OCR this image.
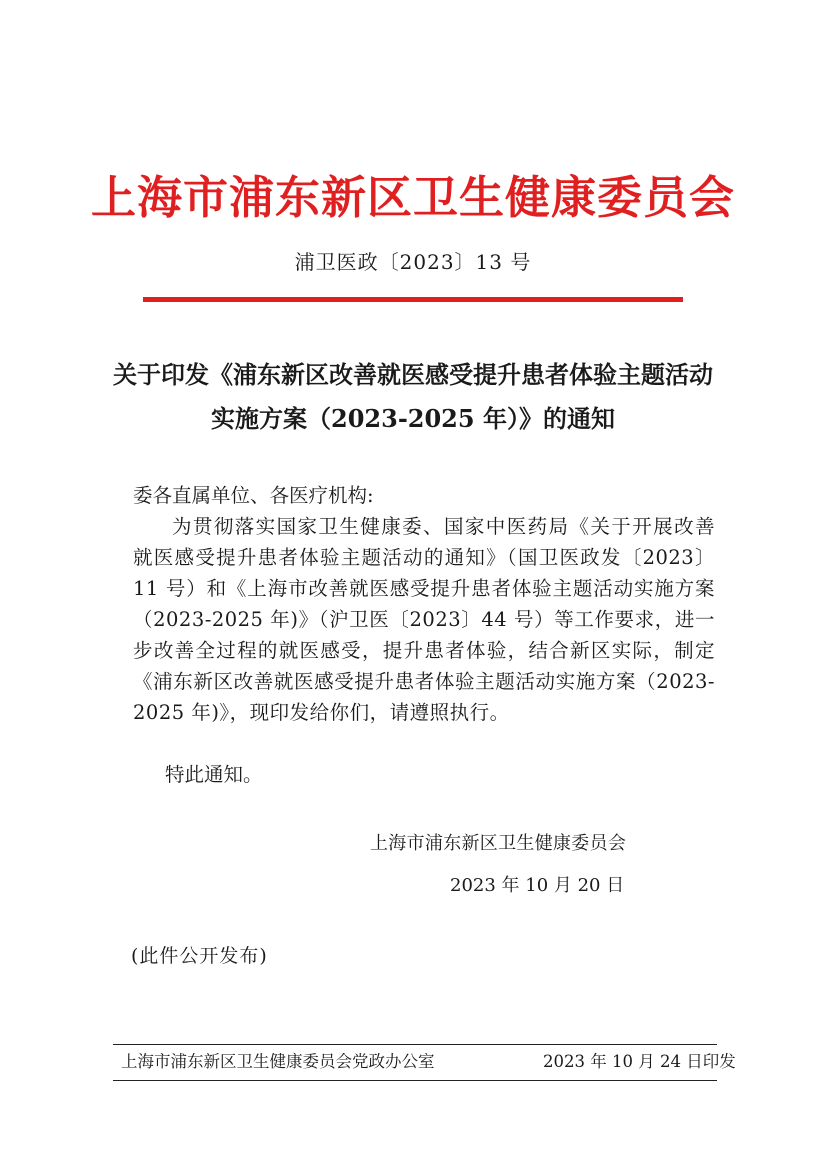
上海市浦东新区卫生健康委员会
浦卫医政〔2023〕13 号
关于印发《浦东新区改善就医感受提升患者体验主题活动
实施方案（2023-2025 年）》的通知
委各直属单位、各医疗机构:
为贯彻落实国家卫生健康委、国家中医药局《关于开展改善 就医感受提升患者体验主题活动的通知》（国卫医政发〔2023〕11 号）和《上海市改善就医感受提升患者体验主题活动实施方案（2023-2025 年)》（沪卫医〔2023〕44 号）等工作要求，进一步改善全过程的就医感受，提升患者体验，结合新区实际，制定《浦东新区改善就医感受提升患者体验主题活动实施方案（2023-2025 年)》，现印发给你们，请遵照执行。
特此通知。
上海市浦东新区卫生健康委员会
2023 年 10 月 20 日
(此件公开发布)
上海市浦东新区卫生健康委员会党政办公室	2023 年 10 月 24 日印发
